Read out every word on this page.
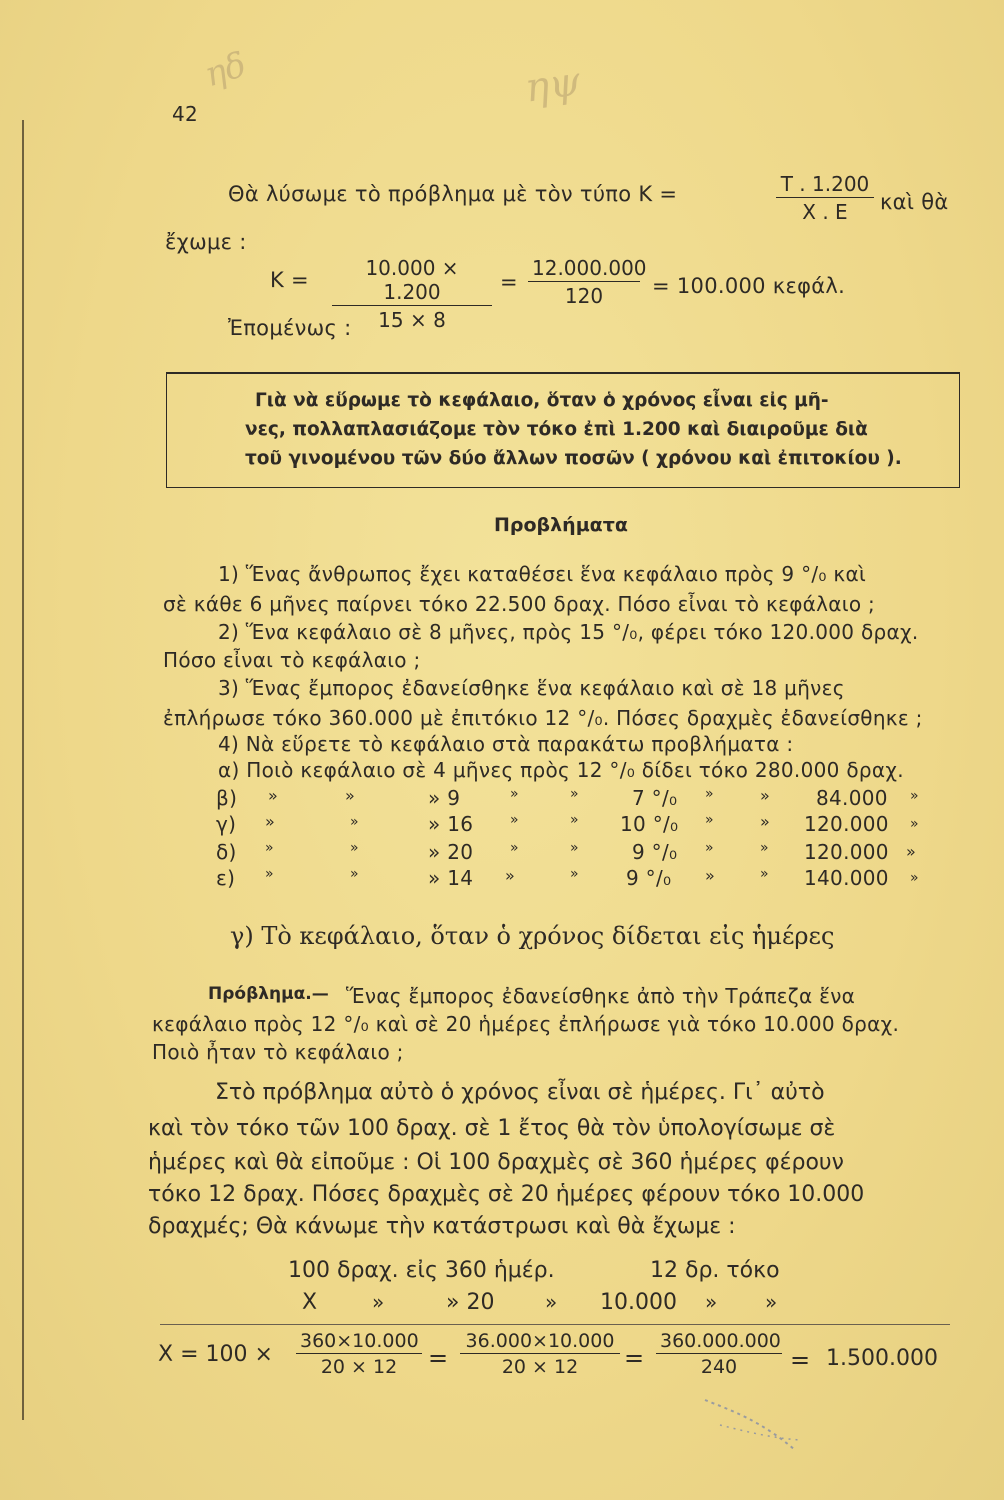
ηδ	ηψ
42
Θὰ λύσωμε τὸ πρόβλημα μὲ τὸν τύπο Κ =	$\frac{T . 1.200}{X . E}$ καὶ θὰ
ἔχωμε :
$K = \frac{10.000 \times 1.200}{15 \times 8} = \frac{12.000.000}{120} = 100.000$ κεφάλ.
Ἐπομένως :
Γιὰ νὰ εὕρωμε τὸ κεφάλαιο, ὅταν ὁ χρόνος εἶναι εἰς μῆ-
νες, πολλαπλασιάζομε τὸν τόκο ἐπὶ 1.200 καὶ διαιροῦμε διὰ
τοῦ γινομένου τῶν δύο ἄλλων ποσῶν ( χρόνου καὶ ἐπιτοκίου ).
Προβλήματα
1) Ἕνας ἄνθρωπος ἔχει καταθέσει ἕνα κεφάλαιο πρὸς 9 °/₀ καὶ
σὲ κάθε 6 μῆνες παίρνει τόκο 22.500 δραχ. Πόσο εἶναι τὸ κεφάλαιο ;
2) Ἕνα κεφάλαιο σὲ 8 μῆνες, πρὸς 15 °/₀, φέρει τόκο 120.000 δραχ.
Πόσο εἶναι τὸ κεφάλαιο ;
3) Ἕνας ἔμπορος ἐδανείσθηκε ἕνα κεφάλαιο καὶ σὲ 18 μῆνες
ἐπλήρωσε τόκο 360.000 μὲ ἐπιτόκιο 12 °/₀. Πόσες δραχμὲς ἐδανείσθηκε ;
4) Νὰ εὕρετε τὸ κεφάλαιο στὰ παρακάτω προβλήματα :
α) Ποιὸ κεφάλαιο σὲ 4 μῆνες πρὸς 12 °/₀ δίδει τόκο 280.000 δραχ.
β) »	»	» 9	»	»	7 °/₀ »	» 84.000 »
γ) »	»	» 16	»	» 10 °/₀ »	» 120.000 »
δ) »	»	» 20	»	»	9 °/₀ »	» 120.000 »
ε) »	»	» 14 »	» 9 °/₀ »	» 140.000 »
γ) Τὸ κεφάλαιο, ὅταν ὁ χρόνος δίδεται εἰς ἡμέρες
Πρόβλημα.— Ἕνας ἔμπορος ἐδανείσθηκε ἀπὸ τὴν Τράπεζα ἕνα
κεφάλαιο πρὸς 12 °/₀ καὶ σὲ 20 ἡμέρες ἐπλήρωσε γιὰ τόκο 10.000 δραχ.
Ποιὸ ἦταν τὸ κεφάλαιο ;
Στὸ πρόβλημα αὐτὸ ὁ χρόνος εἶναι σὲ ἡμέρες. Γι᾽ αὐτὸ
καὶ τὸν τόκο τῶν 100 δραχ. σὲ 1 ἔτος θὰ τὸν ὑπολογίσωμε σὲ
ἡμέρες καὶ θὰ εἰποῦμε : Οἱ 100 δραχμὲς σὲ 360 ἡμέρες φέρουν
τόκο 12 δραχ. Πόσες δραχμὲς σὲ 20 ἡμέρες φέρουν τόκο 10.000
δραχμές; Θὰ κάνωμε τὴν κατάστρωσι καὶ θὰ ἔχωμε :
100 δραχ. εἰς 360 ἡμέρ.	12 δρ. τόκο
Χ	»	» 20	» 10.000 » »
$X = 100 \times \frac{360\times 10.000}{20 \times 12} = \frac{36.000\times 10.000}{20 \times 12} = \frac{360.000.000}{240} = 1.500.000$
